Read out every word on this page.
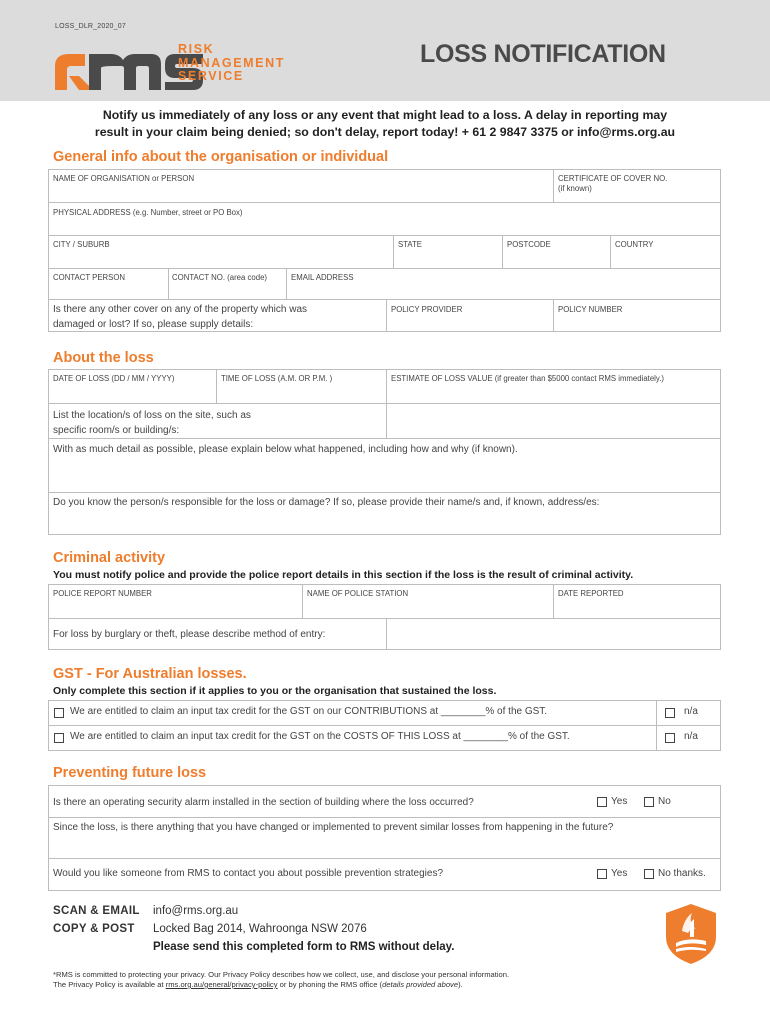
LOSS_DLR_2020_07
RISK
MANAGEMENT
SERVICE
LOSS NOTIFICATION
Notify us immediately of any loss or any event that might lead to a loss. A delay in reporting may
result in your claim being denied; so don't delay, report today! + 61 2 9847 3375 or info@rms.org.au
General info about the organisation or individual
NAME OF ORGANISATION or PERSON	CERTIFICATE OF COVER NO.
(if known)
PHYSICAL ADDRESS (e.g. Number, street or PO Box)
CITY / SUBURB	STATE	POSTCODE	COUNTRY
CONTACT PERSON	CONTACT NO. (area code)	EMAIL ADDRESS
Is there any other cover on any of the property which was
damaged or lost? If so, please supply details:
POLICY PROVIDER	POLICY NUMBER
About the loss
DATE OF LOSS (DD / MM / YYYY)	TIME OF LOSS (A.M. OR P.M. )	ESTIMATE OF LOSS VALUE (if greater than $5000 contact RMS immediately.)
List the location/s of loss on the site, such as
specific room/s or building/s:
With as much detail as possible, please explain below what happened, including how and why (if known).
Do you know the person/s responsible for the loss or damage? If so, please provide their name/s and, if known, address/es:
Criminal activity
You must notify police and provide the police report details in this section if the loss is the result of criminal activity.
POLICE REPORT NUMBER	NAME OF POLICE STATION	DATE REPORTED
For loss by burglary or theft, please describe method of entry:
GST - For Australian losses.
Only complete this section if it applies to you or the organisation that sustained the loss.
We are entitled to claim an input tax credit for the GST on our CONTRIBUTIONS at ________% of the GST.	n/a
We are entitled to claim an input tax credit for the GST on the COSTS OF THIS LOSS at ________% of the GST.	n/a
Preventing future loss
Is there an operating security alarm installed in the section of building where the loss occurred?	Yes	No
Since the loss, is there anything that you have changed or implemented to prevent similar losses from happening in the future?
Would you like someone from RMS to contact you about possible prevention strategies?	Yes	No thanks.
SCAN & EMAIL info@rms.org.au
COPY & POST Locked Bag 2014, Wahroonga NSW 2076
Please send this completed form to RMS without delay.
*RMS is committed to protecting your privacy. Our Privacy Policy describes how we collect, use, and disclose your personal information.
The Privacy Policy is available at rms.org.au/general/privacy-policy or by phoning the RMS office (details provided above).
